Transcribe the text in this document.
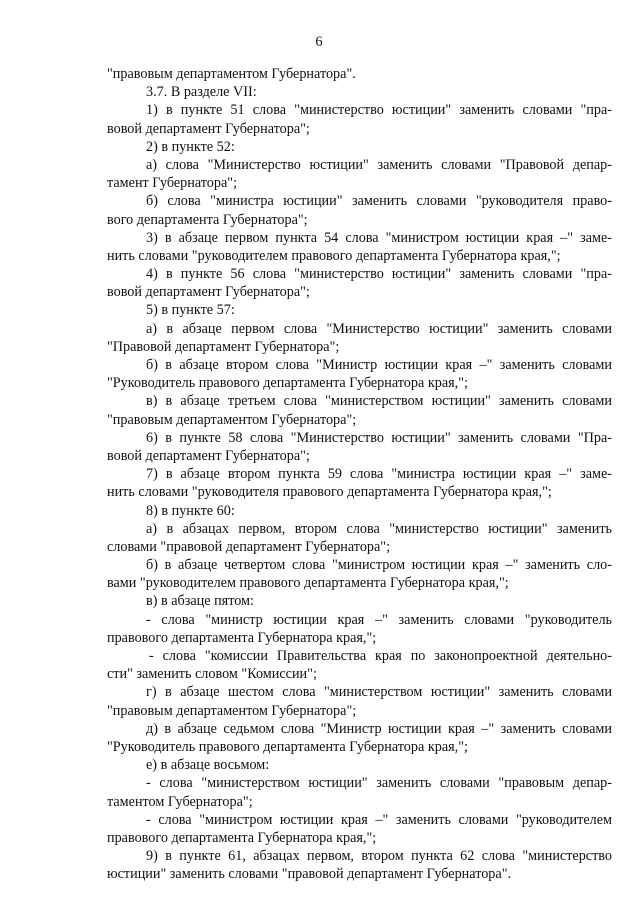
6
"правовым департаментом Губернатора".
3.7. В разделе VII:
1) в пункте 51 слова "министерство юстиции" заменить словами "пра-
вовой департамент Губернатора";
2) в пункте 52:
а) слова "Министерство юстиции" заменить словами "Правовой депар-
тамент Губернатора";
б) слова "министра юстиции" заменить словами "руководителя право-
вого департамента Губернатора";
3) в абзаце первом пункта 54 слова "министром юстиции края –" заме-
нить словами "руководителем правового департамента Губернатора края,";
4) в пункте 56 слова "министерство юстиции" заменить словами "пра-
вовой департамент Губернатора";
5) в пункте 57:
а) в абзаце первом слова "Министерство юстиции" заменить словами
"Правовой департамент Губернатора";
б) в абзаце втором слова "Министр юстиции края –" заменить словами
"Руководитель правового департамента Губернатора края,";
в) в абзаце третьем слова "министерством юстиции" заменить словами
"правовым департаментом Губернатора";
6) в пункте 58 слова "Министерство юстиции" заменить словами "Пра-
вовой департамент Губернатора";
7) в абзаце втором пункта 59 слова "министра юстиции края –" заме-
нить словами "руководителя правового департамента Губернатора края,";
8) в пункте 60:
а) в абзацах первом, втором слова "министерство юстиции" заменить
словами "правовой департамент Губернатора";
б) в абзаце четвертом слова "министром юстиции края –" заменить сло-
вами "руководителем правового департамента Губернатора края,";
в) в абзаце пятом:
- слова "министр юстиции края –" заменить словами "руководитель
правового департамента Губернатора края,";
- слова "комиссии Правительства края по законопроектной деятельно-
сти" заменить словом "Комиссии";
г) в абзаце шестом слова "министерством юстиции" заменить словами
"правовым департаментом Губернатора";
д) в абзаце седьмом слова "Министр юстиции края –" заменить словами
"Руководитель правового департамента Губернатора края,";
е) в абзаце восьмом:
- слова "министерством юстиции" заменить словами "правовым депар-
таментом Губернатора";
- слова "министром юстиции края –" заменить словами "руководителем
правового департамента Губернатора края,";
9) в пункте 61, абзацах первом, втором пункта 62 слова "министерство
юстиции" заменить словами "правовой департамент Губернатора".
